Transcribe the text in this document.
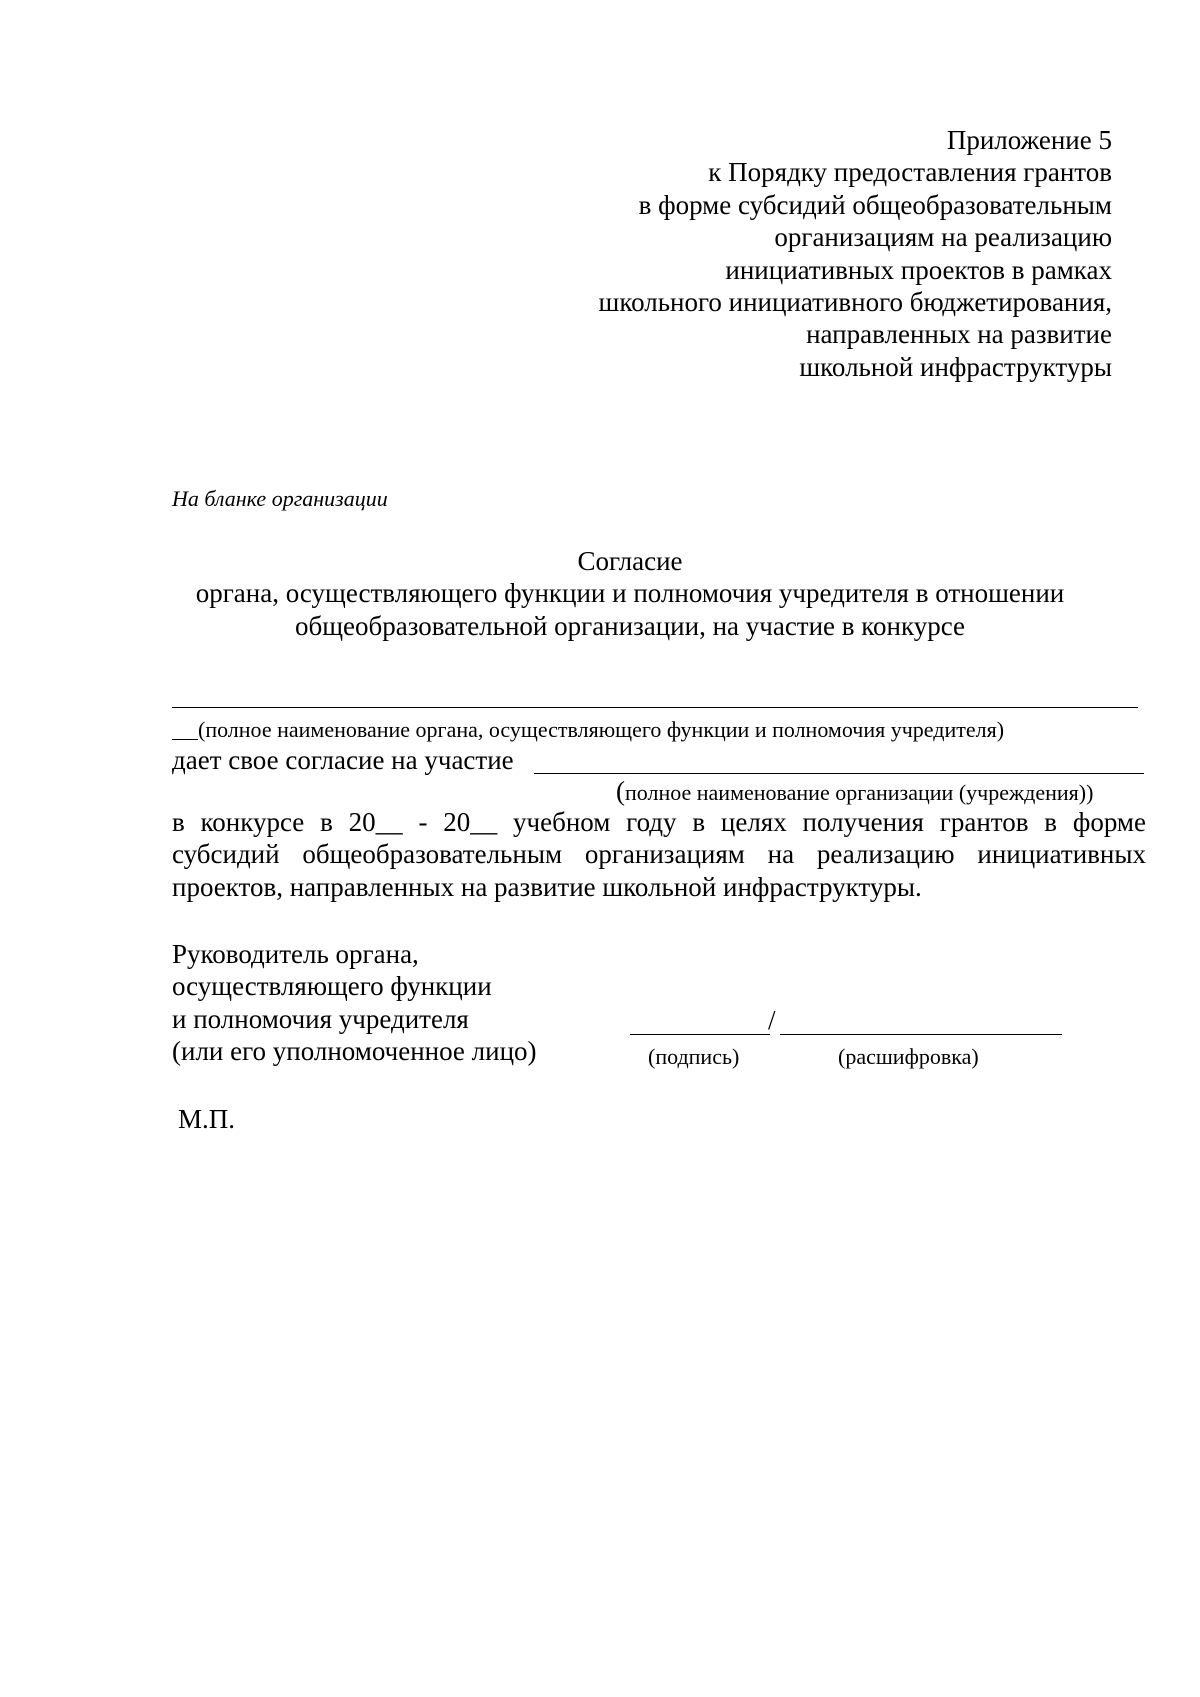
Приложение 5
к Порядку предоставления грантов
в форме субсидий общеобразовательным
организациям на реализацию
инициативных проектов в рамках
школьного инициативного бюджетирования,
направленных на развитие
школьной инфраструктуры
На бланке организации
Согласие
органа, осуществляющего функции и полномочия учредителя в отношении
общеобразовательной организации, на участие в конкурсе
(полное наименование органа, осуществляющего функции и полномочия учредителя)
дает свое согласие на участие
(полное наименование организации (учреждения))
в конкурсе в 20__ - 20__ учебном году в целях получения грантов в форме
субсидий общеобразовательным организациям на реализацию инициативных
проектов, направленных на развитие школьной инфраструктуры.
Руководитель органа,
осуществляющего функции
и полномочия учредителя
(или его уполномоченное лицо)
/
(подпись)	(расшифровка)
М.П.
